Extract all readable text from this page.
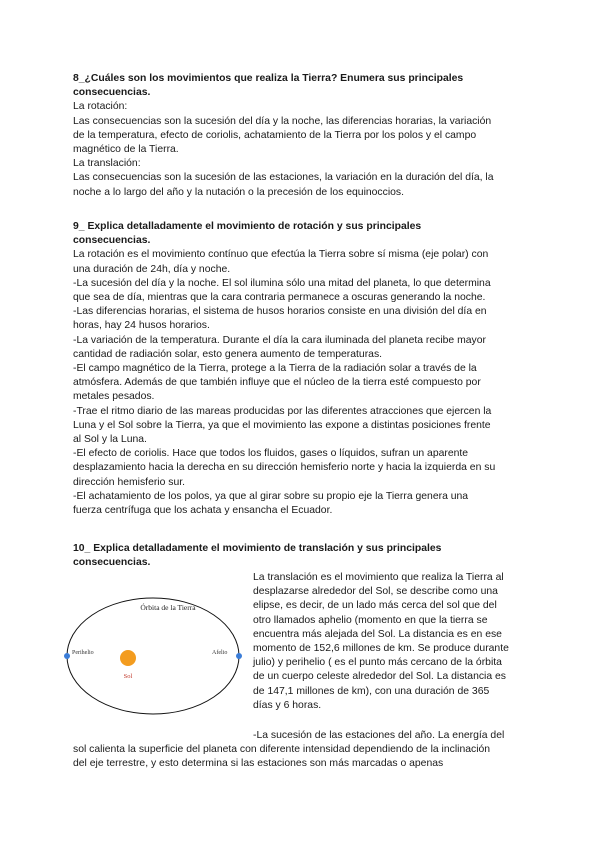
8_¿Cuáles son los movimientos que realiza la Tierra? Enumera sus principales
consecuencias.
La rotación:
Las consecuencias son la sucesión del día y la noche, las diferencias horarias, la variación
de la temperatura, efecto de coriolis, achatamiento de la Tierra por los polos y el campo
magnético de la Tierra.
La translación:
Las consecuencias son la sucesión de las estaciones, la variación en la duración del día, la
noche a lo largo del año y la nutación o la precesión de los equinoccios.
9_ Explica detalladamente el movimiento de rotación y sus principales
consecuencias.
La rotación es el movimiento contínuo que efectúa la Tierra sobre sí misma (eje polar) con
una duración de 24h, día y noche.
-La sucesión del día y la noche. El sol ilumina sólo una mitad del planeta, lo que determina
que sea de día, mientras que la cara contraria permanece a oscuras generando la noche.
-Las diferencias horarias, el sistema de husos horarios consiste en una división del día en
horas, hay 24 husos horarios.
-La variación de la temperatura. Durante el día la cara iluminada del planeta recibe mayor
cantidad de radiación solar, esto genera aumento de temperaturas.
-El campo magnético de la Tierra, protege a la Tierra de la radiación solar a través de la
atmósfera. Además de que también influye que el núcleo de la tierra esté compuesto por
metales pesados.
-Trae el ritmo diario de las mareas producidas por las diferentes atracciones que ejercen la
Luna y el Sol sobre la Tierra, ya que el movimiento las expone a distintas posiciones frente
al Sol y la Luna.
-El efecto de coriolis. Hace que todos los fluidos, gases o líquidos, sufran un aparente
desplazamiento hacia la derecha en su dirección hemisferio norte y hacia la izquierda en su
dirección hemisferio sur.
-El achatamiento de los polos, ya que al girar sobre su propio eje la Tierra genera una
fuerza centrífuga que los achata y ensancha el Ecuador.
10_ Explica detalladamente el movimiento de translación y sus principales
consecuencias.
Órbita de la Tierra
Sol
Perihelio	Afelio
La translación es el movimiento que realiza la Tierra al
desplazarse alrededor del Sol, se describe como una
elipse, es decir, de un lado más cerca del sol que del
otro llamados aphelio (momento en que la tierra se
encuentra más alejada del Sol. La distancia es en ese
momento de 152,6 millones de km. Se produce durante
julio) y perihelio ( es el punto más cercano de la órbita
de un cuerpo celeste alrededor del Sol. La distancia es
de 147,1 millones de km), con una duración de 365
días y 6 horas.
-La sucesión de las estaciones del año. La energía del
sol calienta la superficie del planeta con diferente intensidad dependiendo de la inclinación
del eje terrestre, y esto determina si las estaciones son más marcadas o apenas
